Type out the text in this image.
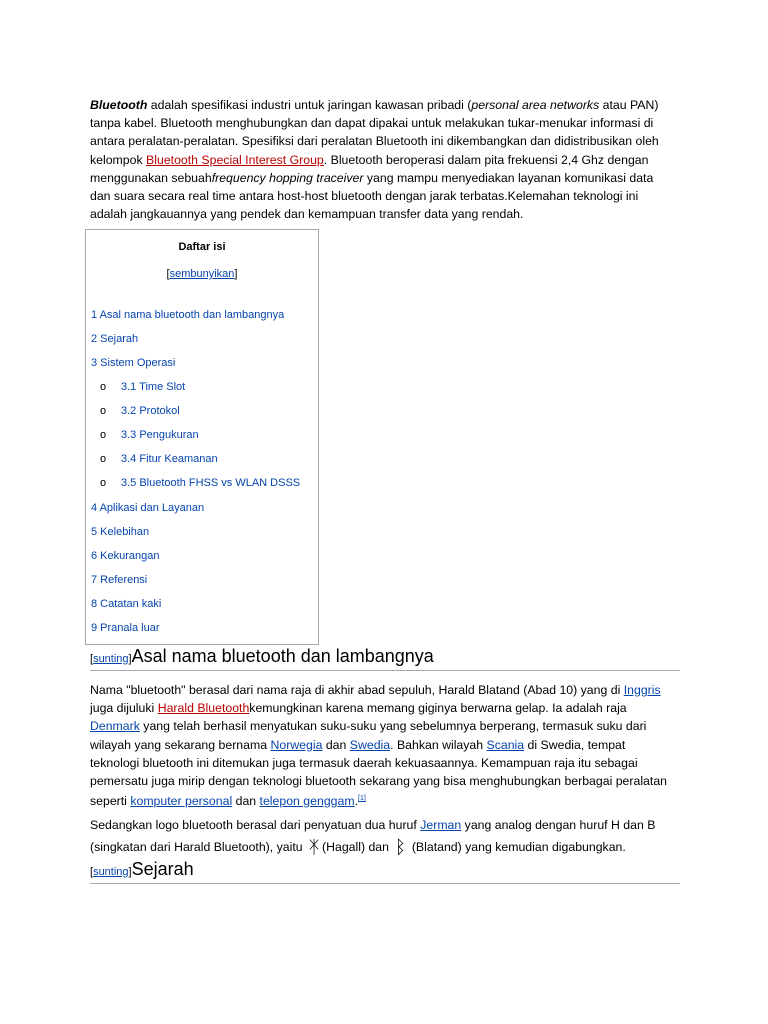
Bluetooth adalah spesifikasi industri untuk jaringan kawasan pribadi (personal area networks atau PAN) tanpa kabel. Bluetooth menghubungkan dan dapat dipakai untuk melakukan tukar-menukar informasi di antara peralatan-peralatan. Spesifiksi dari peralatan Bluetooth ini dikembangkan dan didistribusikan oleh kelompok Bluetooth Special Interest Group. Bluetooth beroperasi dalam pita frekuensi 2,4 Ghz dengan menggunakan sebuahfrequency hopping traceiver yang mampu menyediakan layanan komunikasi data dan suara secara real time antara host-host bluetooth dengan jarak terbatas.Kelemahan teknologi ini adalah jangkauannya yang pendek dan kemampuan transfer data yang rendah.

Daftar isi
[sembunyikan]
1 Asal nama bluetooth dan lambangnya
2 Sejarah
3 Sistem Operasi
o 3.1 Time Slot
o 3.2 Protokol
o 3.3 Pengukuran
o 3.4 Fitur Keamanan
o 3.5 Bluetooth FHSS vs WLAN DSSS
4 Aplikasi dan Layanan
5 Kelebihan
6 Kekurangan
7 Referensi
8 Catatan kaki
9 Pranala luar
[sunting]Asal nama bluetooth dan lambangnya

Nama "bluetooth" berasal dari nama raja di akhir abad sepuluh, Harald Blatand (Abad 10) yang di Inggris juga dijuluki Harald Bluetoothkemungkinan karena memang giginya berwarna gelap. Ia adalah raja Denmark yang telah berhasil menyatukan suku-suku yang sebelumnya berperang, termasuk suku dari wilayah yang sekarang bernama Norwegia dan Swedia. Bahkan wilayah Scania di Swedia, tempat teknologi bluetooth ini ditemukan juga termasuk daerah kekuasaannya. Kemampuan raja itu sebagai pemersatu juga mirip dengan teknologi bluetooth sekarang yang bisa menghubungkan berbagai peralatan seperti komputer personal dan telepon genggam.[1]

Sedangkan logo bluetooth berasal dari penyatuan dua huruf Jerman yang analog dengan huruf H dan B (singkatan dari Harald Bluetooth), yaitu ᛡ (Hagall) dan ᛒ (Blatand) yang kemudian digabungkan.

[sunting]Sejarah
